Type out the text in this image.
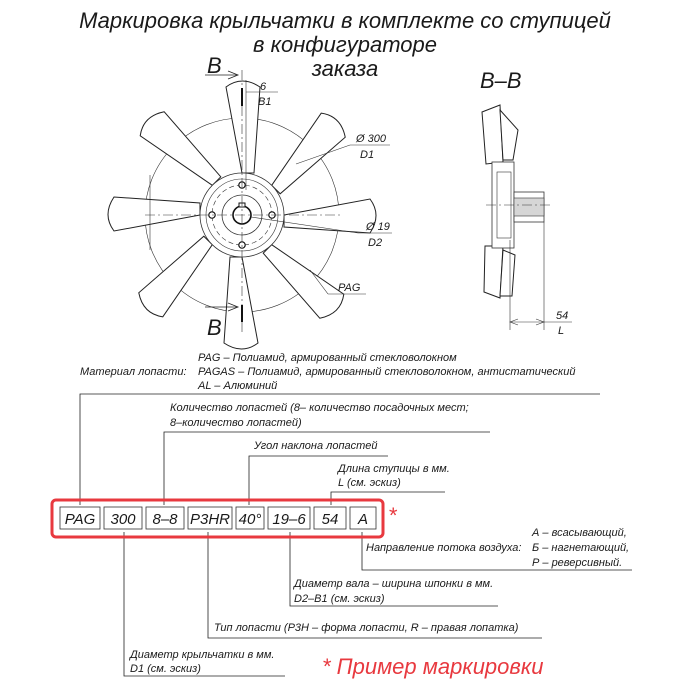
Маркировка крыльчатки в комплекте со ступицей
в конфигураторе
заказа
B
B
6
B1
Ø 300
D1
Ø 19
D2
PAG
B–B
54
L
Материал лопасти:
PAG – Полиамид, армированный стекловолокном
PAGAS – Полиамид, армированный стекловолокном, антистатический
AL – Алюминий
Количество лопастей (8– количество посадочных мест;
8–количество лопастей)
Угол наклона лопастей
Длина ступицы в мм.
L (см. эскиз)
Направление потока воздуха:
А – всасывающий,
Б – нагнетающий,
Р – реверсивный.
Диаметр вала – ширина шпонки в мм.
D2–B1 (см. эскиз)
Тип лопасти (P3H – форма лопасти, R – правая лопатка)
Диаметр крыльчатки в мм.
D1 (см. эскиз)
PAG 300 8–8 P3HR 40° 19–6 54 A *
* Пример маркировки
